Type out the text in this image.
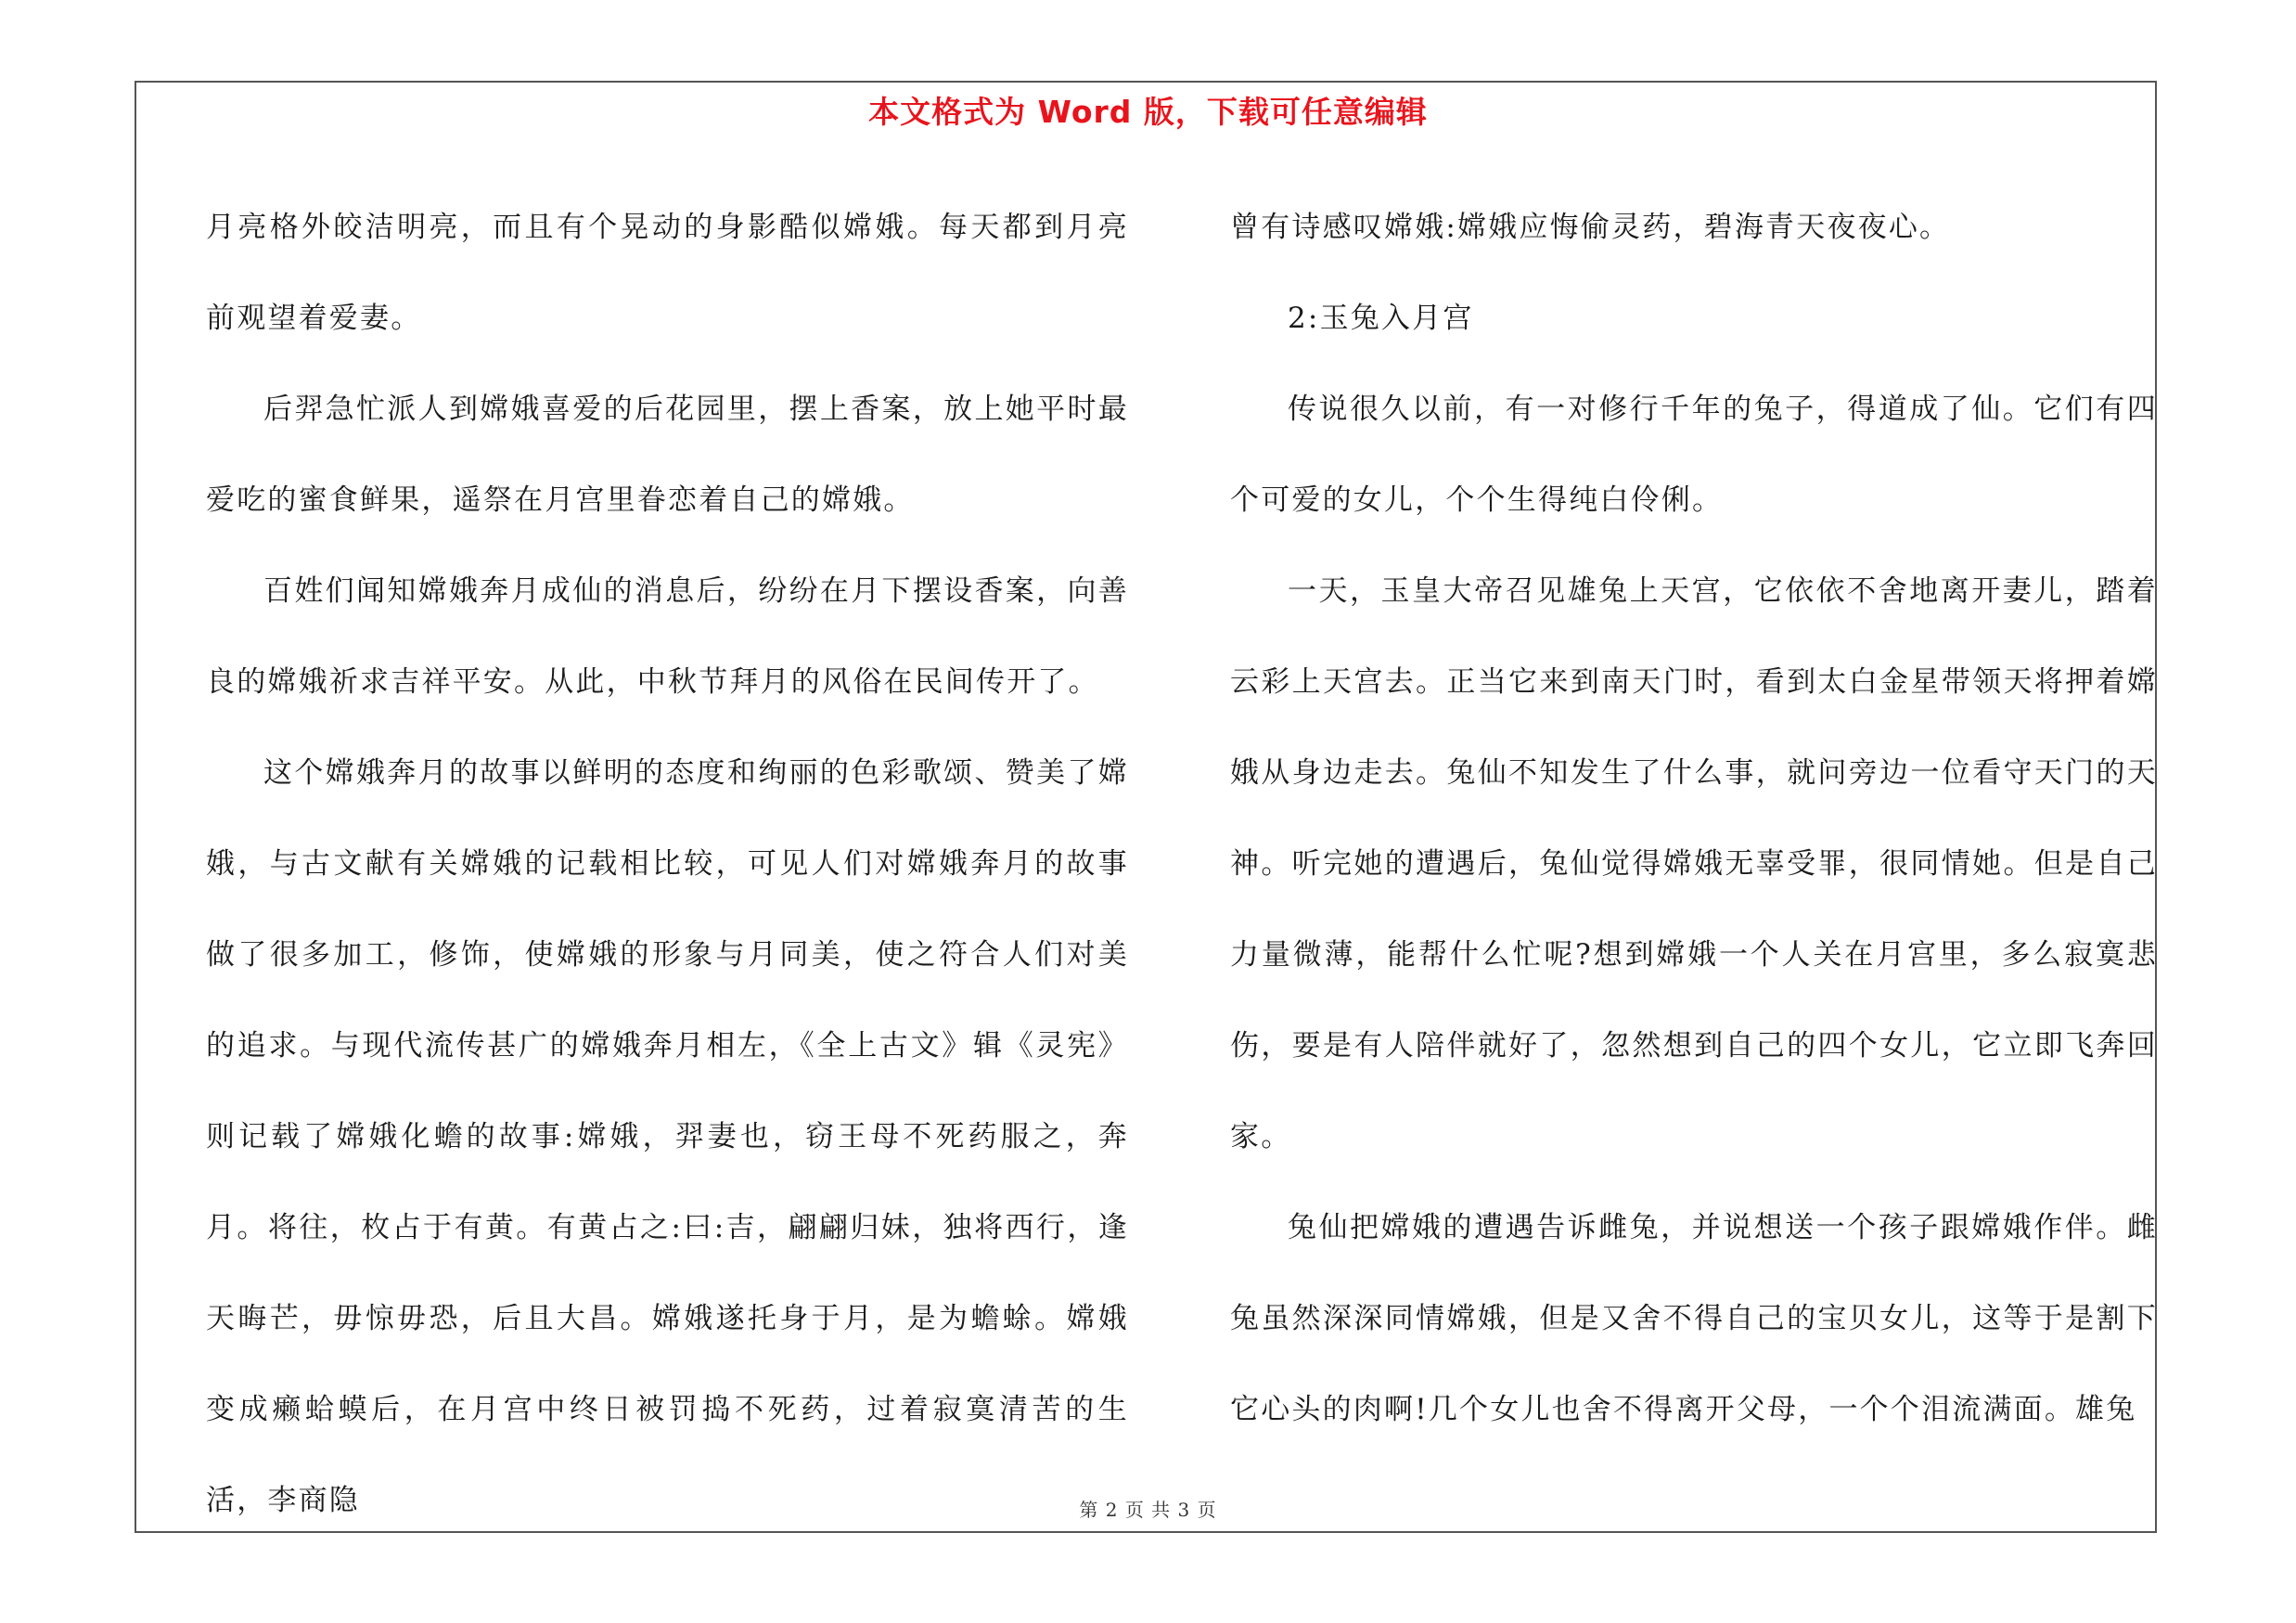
本文格式为 Word 版，下载可任意编辑

月亮格外皎洁明亮，而且有个晃动的身影酷似嫦娥。每天都到月亮前观望着爱妻。

后羿急忙派人到嫦娥喜爱的后花园里，摆上香案，放上她平时最爱吃的蜜食鲜果，遥祭在月宫里眷恋着自己的嫦娥。

百姓们闻知嫦娥奔月成仙的消息后，纷纷在月下摆设香案，向善良的嫦娥祈求吉祥平安。从此，中秋节拜月的风俗在民间传开了。

这个嫦娥奔月的故事以鲜明的态度和绚丽的色彩歌颂、赞美了嫦娥，与古文献有关嫦娥的记载相比较，可见人们对嫦娥奔月的故事做了很多加工，修饰，使嫦娥的形象与月同美，使之符合人们对美的追求。与现代流传甚广的嫦娥奔月相左，《全上古文》辑《灵宪》则记载了嫦娥化蟾的故事:嫦娥，羿妻也，窃王母不死药服之，奔月。将往，枚占于有黄。有黄占之:曰:吉，翩翩归妹，独将西行，逢天晦芒，毋惊毋恐，后且大昌。嫦娥遂托身于月，是为蟾蜍。嫦娥变成癞蛤蟆后，在月宫中终日被罚捣不死药，过着寂寞清苦的生活，李商隐

曾有诗感叹嫦娥:嫦娥应悔偷灵药，碧海青天夜夜心。

2:玉兔入月宫

传说很久以前，有一对修行千年的兔子，得道成了仙。它们有四个可爱的女儿，个个生得纯白伶俐。

一天，玉皇大帝召见雄兔上天宫，它依依不舍地离开妻儿，踏着云彩上天宫去。正当它来到南天门时，看到太白金星带领天将押着嫦娥从身边走去。兔仙不知发生了什么事，就问旁边一位看守天门的天神。听完她的遭遇后，兔仙觉得嫦娥无辜受罪，很同情她。但是自己力量微薄，能帮什么忙呢?想到嫦娥一个人关在月宫里，多么寂寞悲伤，要是有人陪伴就好了，忽然想到自己的四个女儿，它立即飞奔回家。

兔仙把嫦娥的遭遇告诉雌兔，并说想送一个孩子跟嫦娥作伴。雌兔虽然深深同情嫦娥，但是又舍不得自己的宝贝女儿，这等于是割下它心头的肉啊!几个女儿也舍不得离开父母，一个个泪流满面。雄兔

第 2 页 共 3 页
